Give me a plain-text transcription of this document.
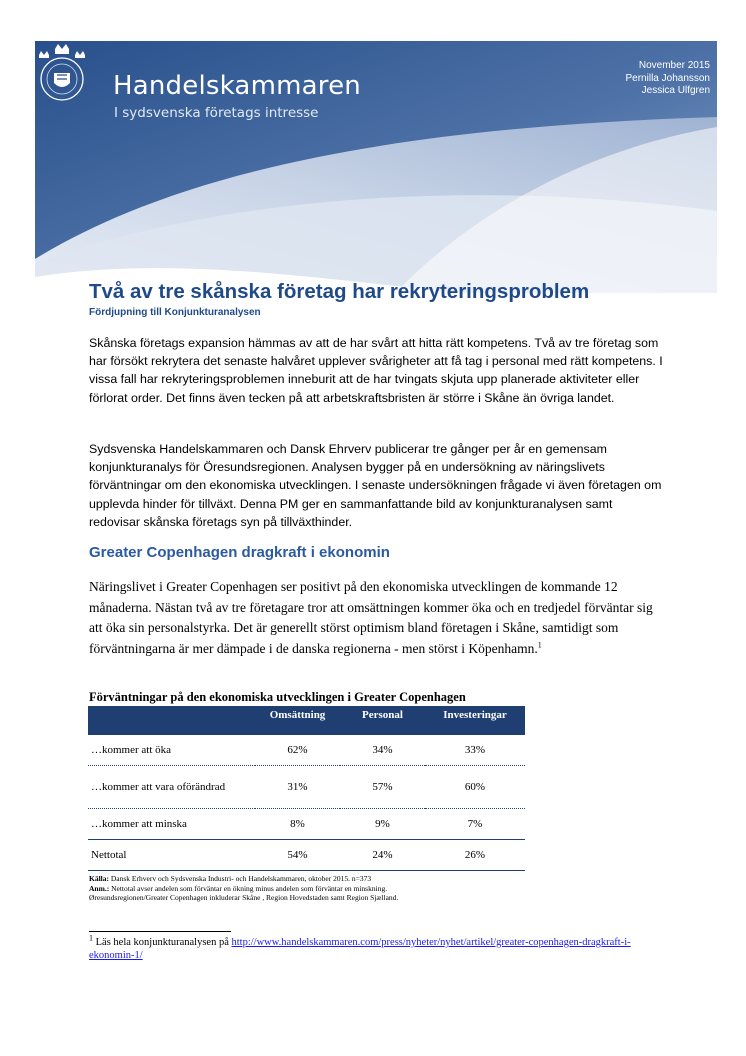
Handelskammaren
I sydsvenska företags intresse
November 2015
Pernilla Johansson
Jessica Ulfgren
Två av tre skånska företag har rekryteringsproblem
Fördjupning till Konjunkturanalysen

Skånska företags expansion hämmas av att de har svårt att hitta rätt kompetens. Två av tre företag som har försökt rekrytera det senaste halvåret upplever svårigheter att få tag i personal med rätt kompetens. I vissa fall har rekryteringsproblemen inneburit att de har tvingats skjuta upp planerade aktiviteter eller förlorat order. Det finns även tecken på att arbetskraftsbristen är större i Skåne än övriga landet.

Sydsvenska Handelskammaren och Dansk Ehrverv publicerar tre gånger per år en gemensam konjunkturanalys för Öresundsregionen. Analysen bygger på en undersökning av näringslivets förväntningar om den ekonomiska utvecklingen. I senaste undersökningen frågade vi även företagen om upplevda hinder för tillväxt. Denna PM ger en sammanfattande bild av konjunkturanalysen samt redovisar skånska företags syn på tillväxthinder.

Greater Copenhagen dragkraft i ekonomin

Näringslivet i Greater Copenhagen ser positivt på den ekonomiska utvecklingen de kommande 12 månaderna. Nästan två av tre företagare tror att omsättningen kommer öka och en tredjedel förväntar sig att öka sin personalstyrka. Det är generellt störst optimism bland företagen i Skåne, samtidigt som förväntningarna är mer dämpade i de danska regionerna - men störst i Köpenhamn.$^1$

Förväntningar på den ekonomiska utvecklingen i Greater Copenhagen
	Omsättning	Personal	Investeringar
…kommer att öka	62%	34%	33%
…kommer att vara oförändrad	31%	57%	60%
…kommer att minska	8%	9%	7%
Nettotal	54%	24%	26%
Källa: Dansk Erhverv och Sydsvenska Industri- och Handelskammaren, oktober 2015. n=373
Anm.: Nettotal avser andelen som förväntar en ökning minus andelen som förväntar en minskning.
Øresundsregionen/Greater Copenhagen inkluderar Skåne , Region Hovedstaden samt Region Sjælland.
$^1$ Läs hela konjunkturanalysen på http://www.handelskammaren.com/press/nyheter/nyhet/artikel/greater-copenhagen-dragkraft-i-ekonomin-1/
